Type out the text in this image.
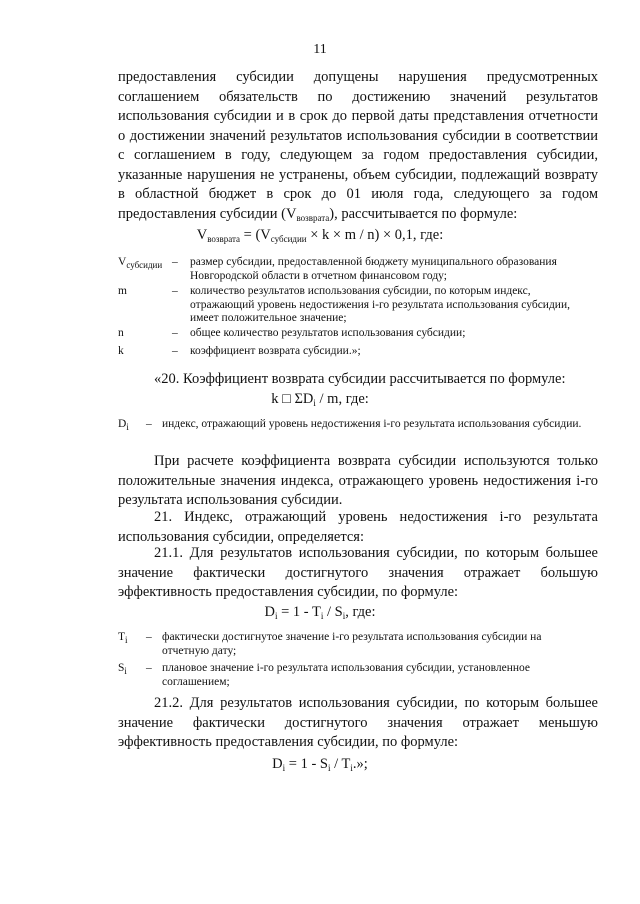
11
предоставления субсидии допущены нарушения предусмотренных соглашением обязательств по достижению значений результатов использования субсидии и в срок до первой даты представления отчетности о достижении значений результатов использования субсидии в соответствии с соглашением в году, следующем за годом предоставления субсидии, указанные нарушения не устранены, объем субсидии, подлежащий возврату в областной бюджет в срок до 01 июля года, следующего за годом предоставления субсидии $(V_{возврата})$, рассчитывается по формуле:
$V_{возврата} = (V_{субсидии} \times k \times m / n) \times 0,1$, где:
$V_{субсидии}$ – размер субсидии, предоставленной бюджету муниципального образования Новгородской области в отчетном финансовом году;
m	– количество результатов использования субсидии, по которым индекс, отражающий уровень недостижения i-го результата использования субсидии, имеет положительное значение;
n	– общее количество результатов использования субсидии;
k	– коэффициент возврата субсидии.»;
«20. Коэффициент возврата субсидии рассчитывается по формуле:
k □ $\Sigma D_i$ / m, где:
$D_i$ – индекс, отражающий уровень недостижения i-го результата использования субсидии.
При расчете коэффициента возврата субсидии используются только положительные значения индекса, отражающего уровень недостижения i-го результата использования субсидии.
21. Индекс, отражающий уровень недостижения i-го результата использования субсидии, определяется:
21.1. Для результатов использования субсидии, по которым большее значение фактически достигнутого значения отражает большую эффективность предоставления субсидии, по формуле:
$D_i = 1 - T_i / S_i$, где:
$T_i$ – фактически достигнутое значение i-го результата использования субсидии на отчетную дату;
$S_i$ – плановое значение i-го результата использования субсидии, установленное соглашением;
21.2. Для результатов использования субсидии, по которым большее значение фактически достигнутого значения отражает меньшую эффективность предоставления субсидии, по формуле:
$D_i = 1 - S_i / T_i$.»;
